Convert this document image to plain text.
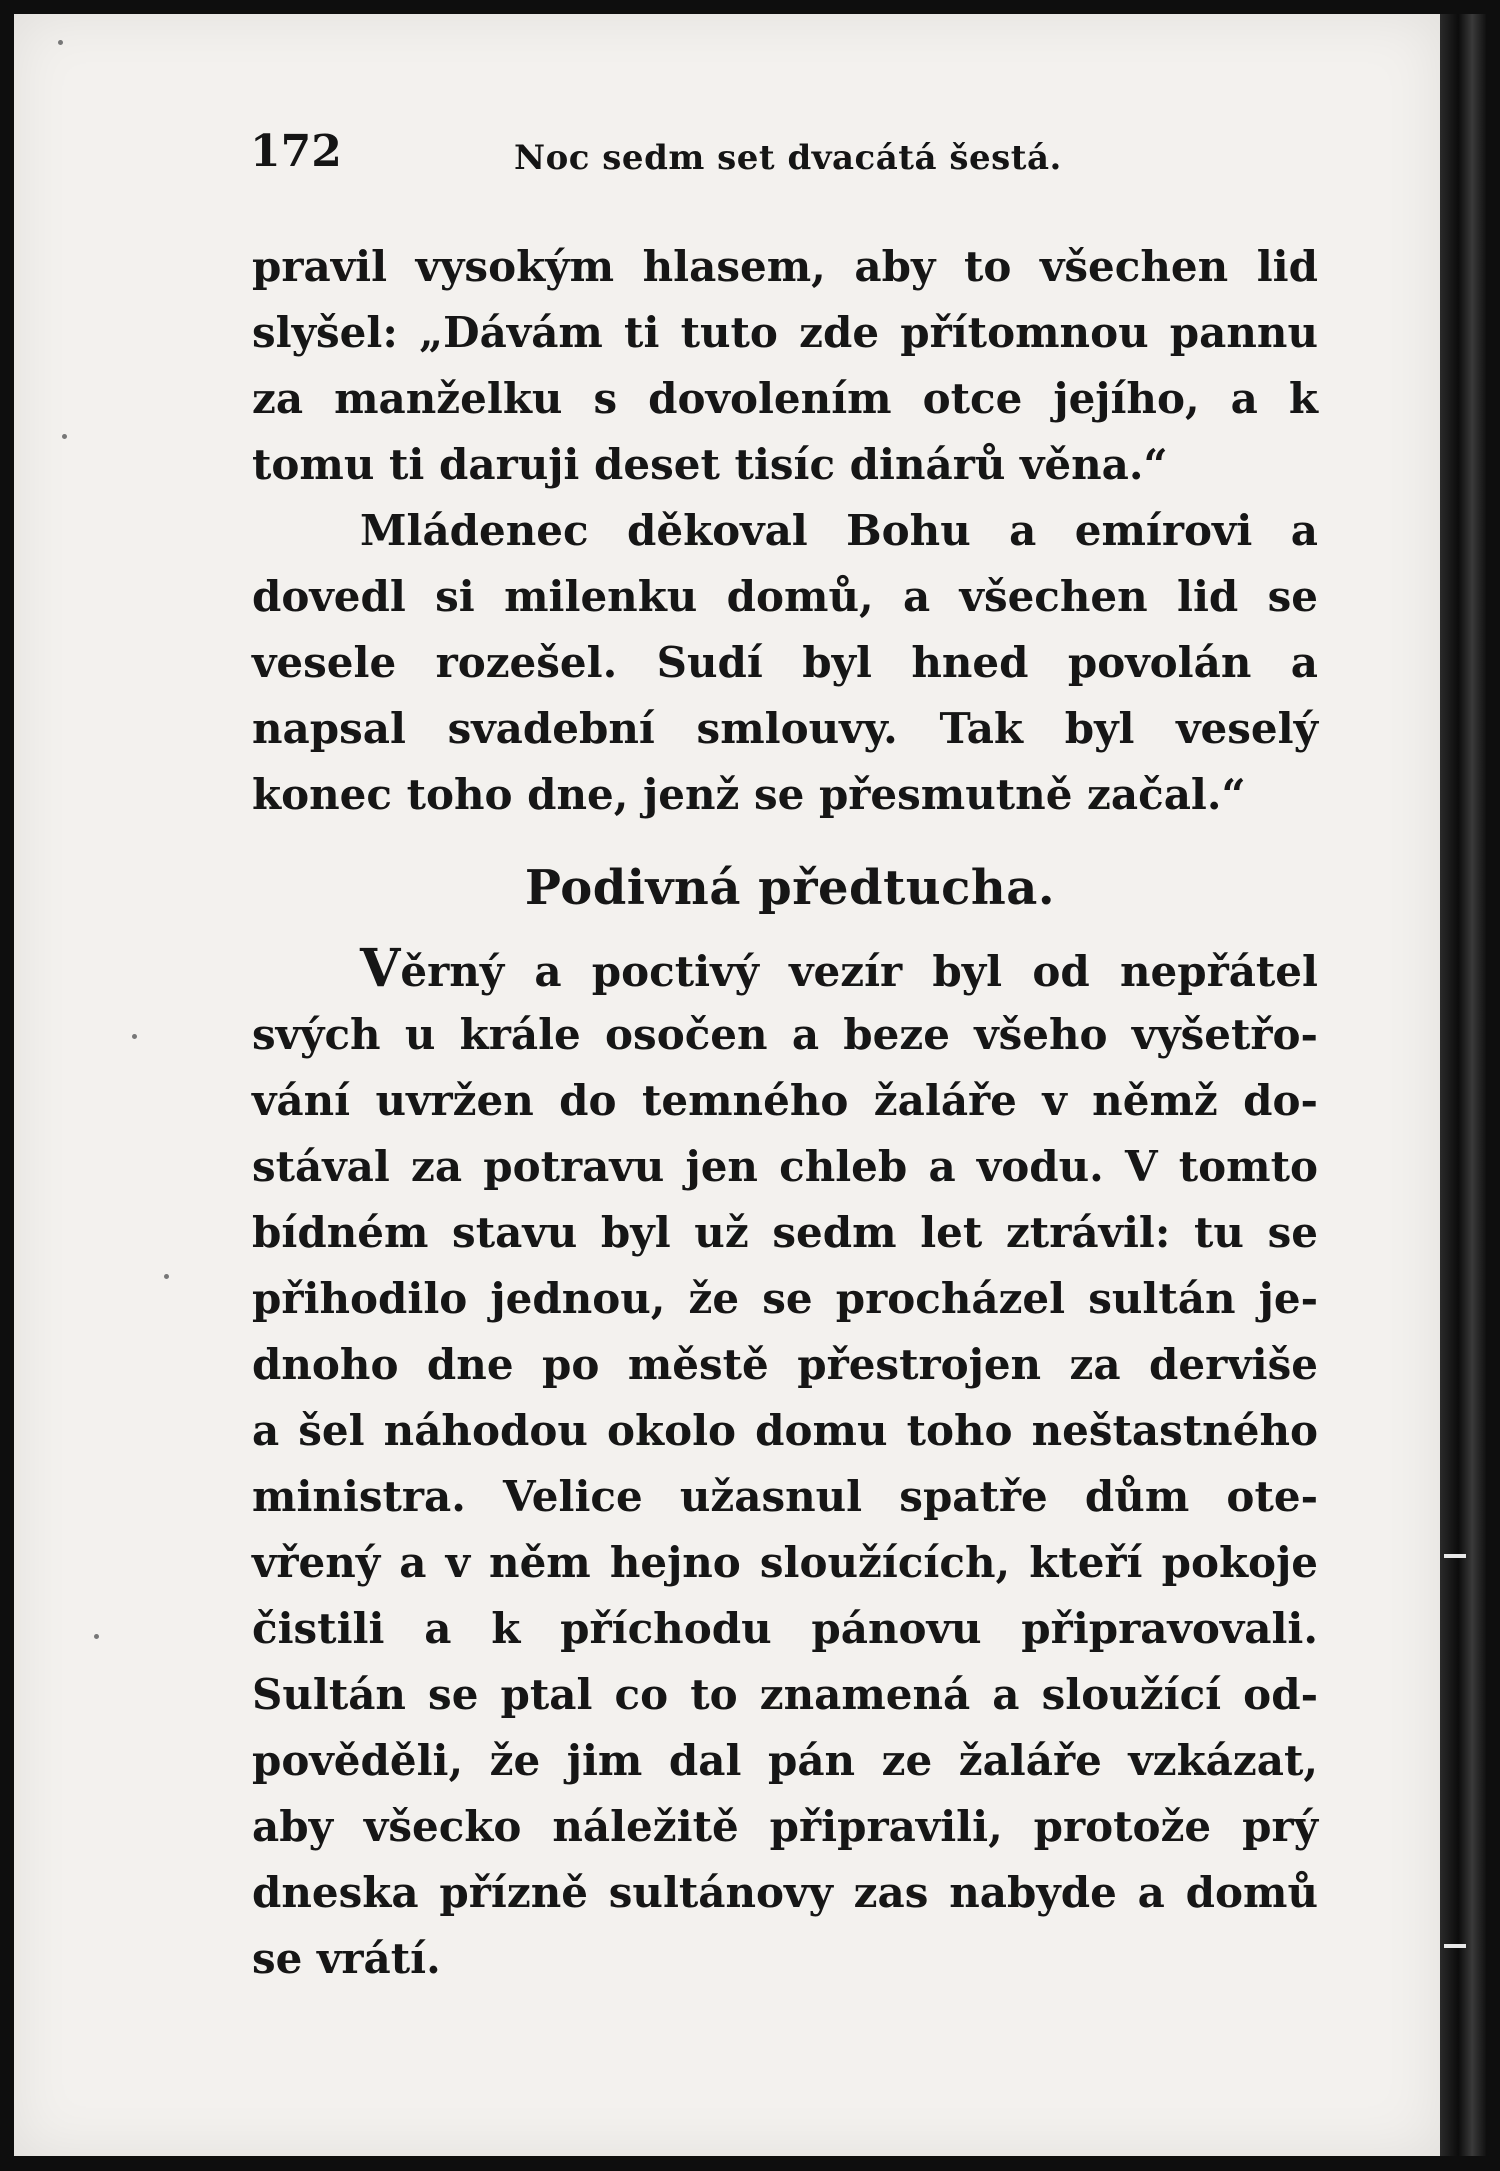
172	Noc sedm set dvacátá šestá.
pravil vysokým hlasem, aby to všechen lid
slyšel: „Dávám ti tuto zde přítomnou pannu
za manželku s dovolením otce jejího, a k
tomu ti daruji deset tisíc dinárů věna.“
Mládenec děkoval Bohu a emírovi a
dovedl si milenku domů, a všechen lid se
vesele rozešel. Sudí byl hned povolán a
napsal svadební smlouvy. Tak byl veselý
konec toho dne, jenž se přesmutně začal.“
Podivná předtucha.
Věrný a poctivý vezír byl od nepřátel
svých u krále osočen a beze všeho vyšetřo-
vání uvržen do temného žaláře v němž do-
stával za potravu jen chleb a vodu. V tomto
bídném stavu byl už sedm let ztrávil: tu se
přihodilo jednou, že se procházel sultán je-
dnoho dne po městě přestrojen za derviše
a šel náhodou okolo domu toho neštastného
ministra. Velice užasnul spatře dům ote-
vřený a v něm hejno sloužících, kteří pokoje
čistili a k příchodu pánovu připravovali.
Sultán se ptal co to znamená a sloužící od-
pověděli, že jim dal pán ze žaláře vzkázat,
aby všecko náležitě připravili, protože prý
dneska přízně sultánovy zas nabyde a domů
se vrátí.
